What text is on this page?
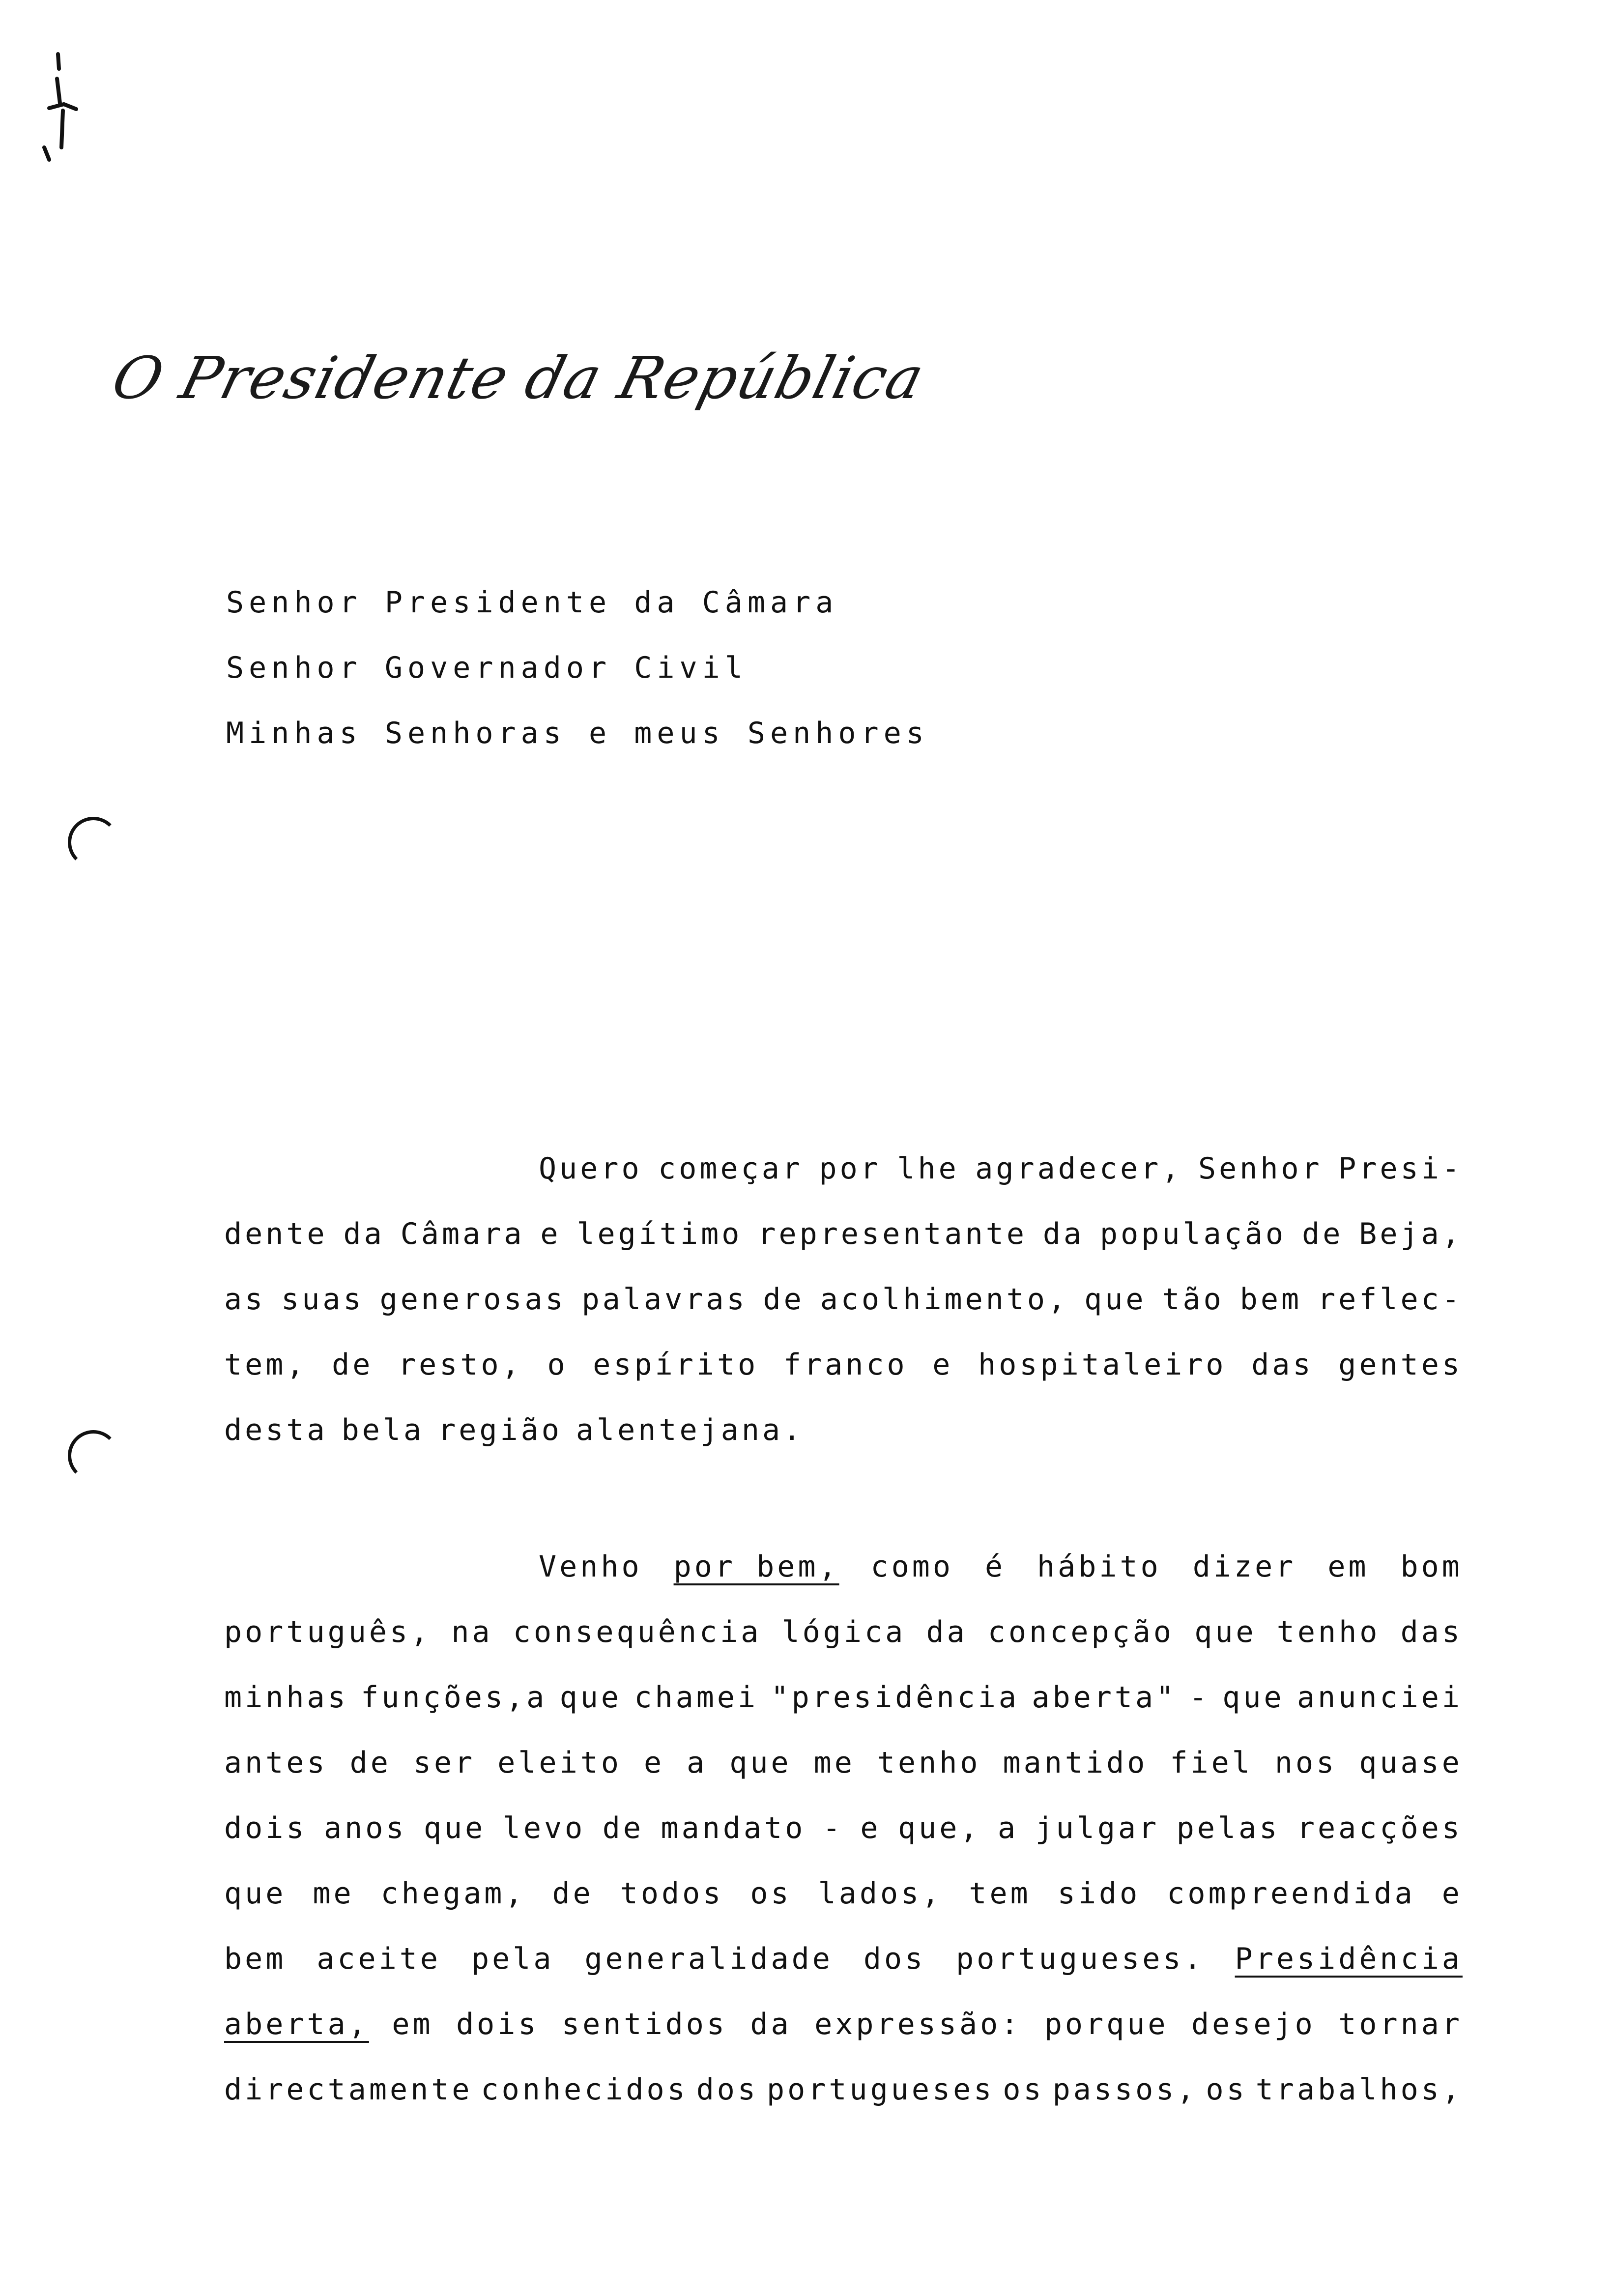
O Presidente da República
Senhor Presidente da Câmara
Senhor Governador Civil
Minhas Senhoras e meus Senhores
Quero começar por lhe agradecer, Senhor Presi-
dente da Câmara e legítimo representante da população de Beja,
as suas generosas palavras de acolhimento, que tão bem reflec-
tem, de resto, o espírito franco e hospitaleiro das gentes
desta bela região alentejana.
Venho por bem, como é hábito dizer em bom
português, na consequência lógica da concepção que tenho das
minhas funções,a que chamei "presidência aberta" - que anunciei
antes de ser eleito e a que me tenho mantido fiel nos quase
dois anos que levo de mandato - e que, a julgar pelas reacções
que me chegam, de todos os lados, tem sido compreendida e
bem aceite pela generalidade dos portugueses. Presidência
aberta, em dois sentidos da expressão: porque desejo tornar
directamente conhecidos dos portugueses os passos, os trabalhos,
